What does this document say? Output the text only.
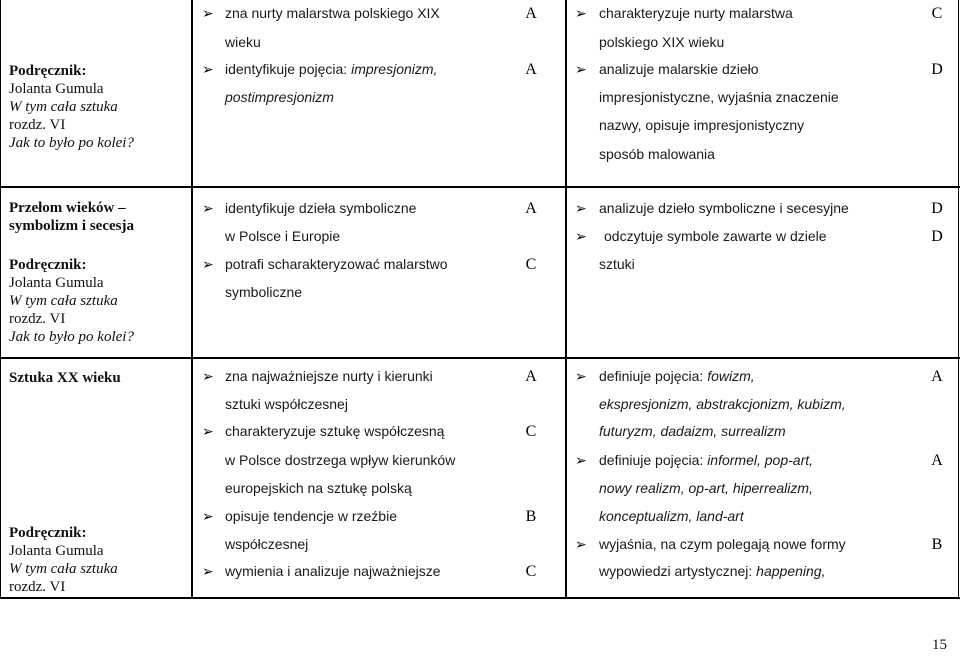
Podręcznik:
Jolanta Gumula
W tym cała sztuka
rozdz. VI
Jak to było po kolei?
➢ zna nurty malarstwa polskiego XIX
wieku
➢ identyfikuje pojęcia: impresjonizm,
postimpresjonizm
A
A
➢ charakteryzuje nurty malarstwa
polskiego XIX wieku
➢ analizuje malarskie dzieło
impresjonistyczne, wyjaśnia znaczenie
nazwy, opisuje impresjonistyczny
sposób malowania
C
D
Przełom wieków –
symbolizm i secesja
Podręcznik:
Jolanta Gumula
W tym cała sztuka
rozdz. VI
Jak to było po kolei?
➢ identyfikuje dzieła symboliczne
w Polsce i Europie
➢ potrafi scharakteryzować malarstwo
symboliczne
A
C
➢ analizuje dzieło symboliczne i secesyjne
➢ odczytuje symbole zawarte w dziele
sztuki
D
D
Sztuka XX wieku
Podręcznik:
Jolanta Gumula
W tym cała sztuka
rozdz. VI
➢ zna najważniejsze nurty i kierunki
sztuki współczesnej
➢ charakteryzuje sztukę współczesną
w Polsce dostrzega wpływ kierunków
europejskich na sztukę polską
➢ opisuje tendencje w rzeźbie
współczesnej
➢ wymienia i analizuje najważniejsze
A
C
B
C
➢ definiuje pojęcia: fowizm,
ekspresjonizm, abstrakcjonizm, kubizm,
futuryzm, dadaizm, surrealizm
➢ definiuje pojęcia: informel, pop-art,
nowy realizm, op-art, hiperrealizm,
konceptualizm, land-art
➢ wyjaśnia, na czym polegają nowe formy
wypowiedzi artystycznej: happening,
A
A
B
15
